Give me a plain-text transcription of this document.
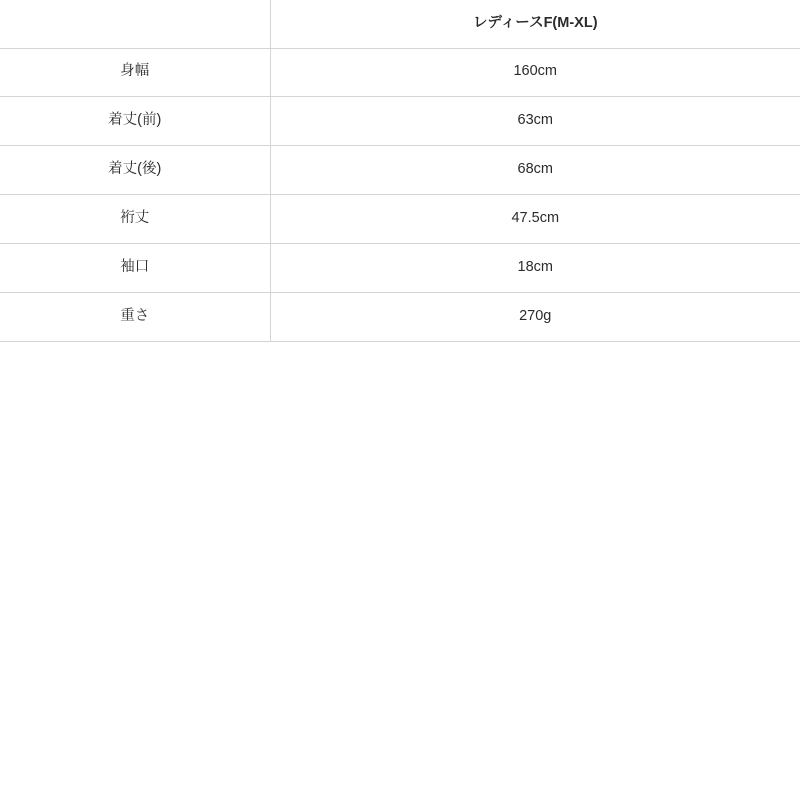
	レディースF(M-XL)
身幅	160cm
着丈(前)	63cm
着丈(後)	68cm
裄丈	47.5cm
袖口	18cm
重さ	270g
